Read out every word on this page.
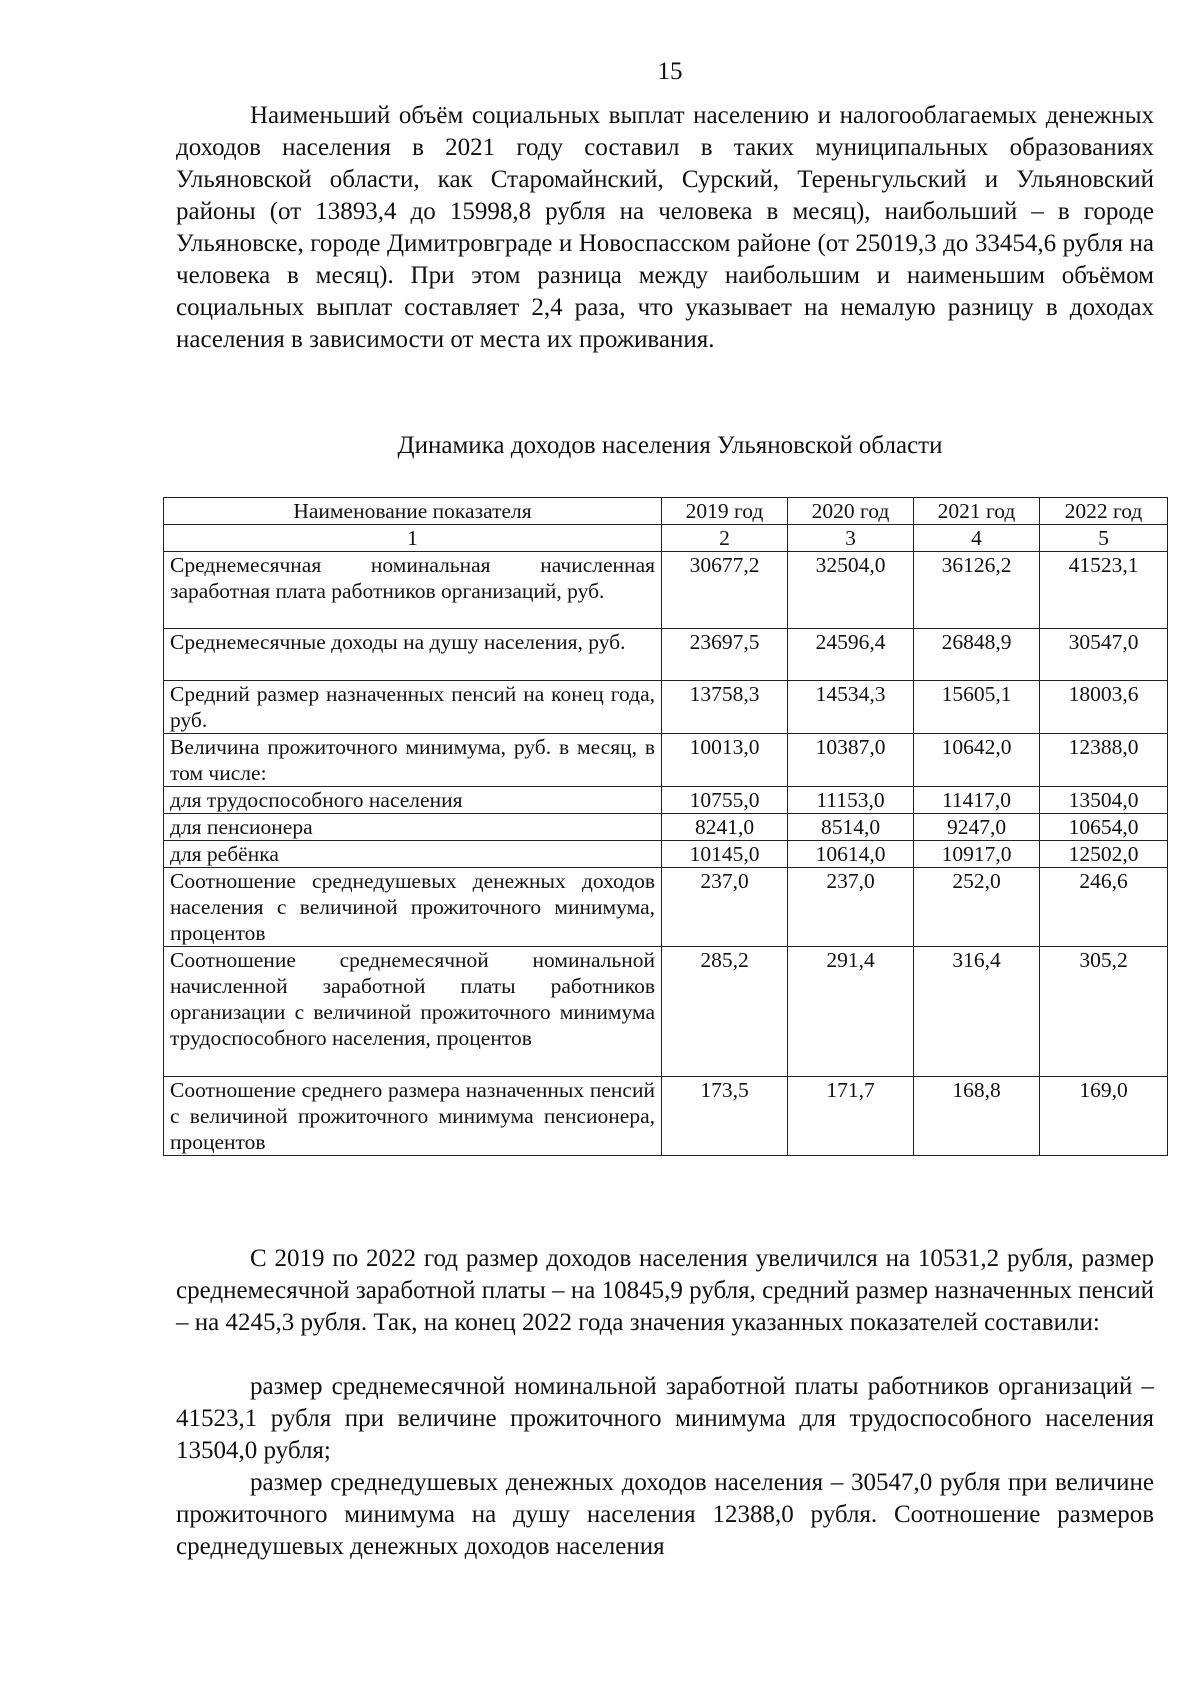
15

Наименьший объём социальных выплат населению и налогооблагаемых денежных доходов населения в 2021 году составил в таких муниципальных образованиях Ульяновской области, как Старомайнский, Сурский, Тереньгульский и Ульяновский районы (от 13893,4 до 15998,8 рубля на человека в месяц), наибольший – в городе Ульяновске, городе Димитровграде и Новоспасском районе (от 25019,3 до 33454,6 рубля на человека в месяц). При этом разница между наибольшим и наименьшим объёмом социальных выплат составляет 2,4 раза, что указывает на немалую разницу в доходах населения в зависимости от места их проживания.

Динамика доходов населения Ульяновской области
Наименование показателя	2019 год	2020 год	2021 год	2022 год
1	2	3	4	5
Среднемесячная номинальная начисленная заработная плата работников организаций, руб.	30677,2	32504,0	36126,2	41523,1
Среднемесячные доходы на душу населения, руб.	23697,5	24596,4	26848,9	30547,0
Средний размер назначенных пенсий на конец года, руб.	13758,3	14534,3	15605,1	18003,6
Величина прожиточного минимума, руб. в месяц, в том числе:	10013,0	10387,0	10642,0	12388,0
для трудоспособного населения	10755,0	11153,0	11417,0	13504,0
для пенсионера	8241,0	8514,0	9247,0	10654,0
для ребёнка	10145,0	10614,0	10917,0	12502,0
Соотношение среднедушевых денежных доходов населения с величиной прожиточного минимума, процентов	237,0	237,0	252,0	246,6
Соотношение среднемесячной номинальной начисленной заработной платы работников организации с величиной прожиточного минимума трудоспособного населения, процентов	285,2	291,4	316,4	305,2
Соотношение среднего размера назначенных пенсий с величиной прожиточного минимума пенсионера, процентов	173,5	171,7	168,8	169,0

С 2019 по 2022 год размер доходов населения увеличился на 10531,2 рубля, размер среднемесячной заработной платы – на 10845,9 рубля, средний размер назначенных пенсий – на 4245,3 рубля. Так, на конец 2022 года значения указанных показателей составили:

размер среднемесячной номинальной заработной платы работников организаций – 41523,1 рубля при величине прожиточного минимума для трудоспособного населения 13504,0 рубля;

размер среднедушевых денежных доходов населения – 30547,0 рубля при величине прожиточного минимума на душу населения 12388,0 рубля. Соотношение размеров среднедушевых денежных доходов населения
